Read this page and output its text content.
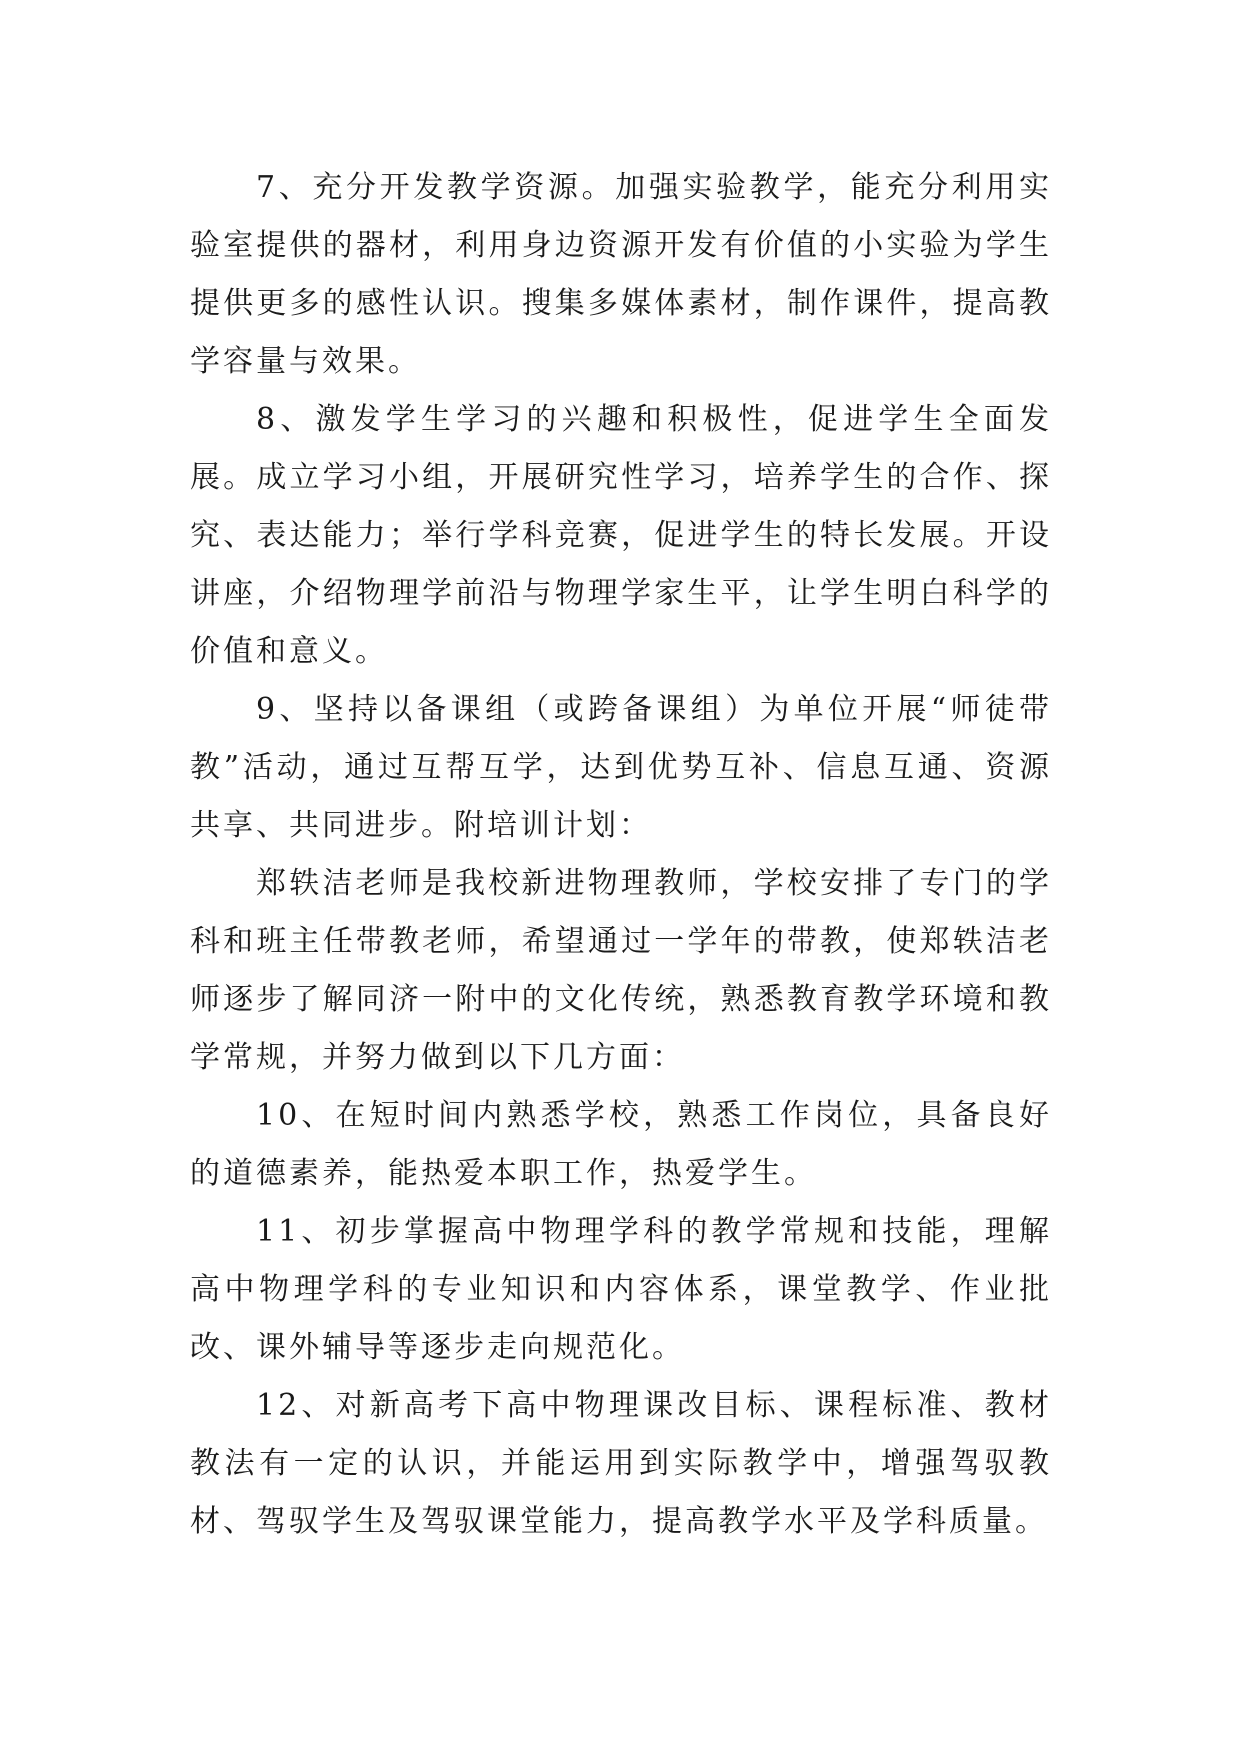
7、充分开发教学资源。加强实验教学，能充分利用实验室提供的器材，利用身边资源开发有价值的小实验为学生提供更多的感性认识。搜集多媒体素材，制作课件，提高教学容量与效果。

8、激发学生学习的兴趣和积极性，促进学生全面发展。成立学习小组，开展研究性学习，培养学生的合作、探究、表达能力；举行学科竞赛，促进学生的特长发展。开设讲座，介绍物理学前沿与物理学家生平，让学生明白科学的价值和意义。

9、坚持以备课组（或跨备课组）为单位开展“师徒带教”活动，通过互帮互学，达到优势互补、信息互通、资源共享、共同进步。附培训计划：

郑轶洁老师是我校新进物理教师，学校安排了专门的学科和班主任带教老师，希望通过一学年的带教，使郑轶洁老师逐步了解同济一附中的文化传统，熟悉教育教学环境和教学常规，并努力做到以下几方面：

10、在短时间内熟悉学校，熟悉工作岗位，具备良好的道德素养，能热爱本职工作，热爱学生。

11、初步掌握高中物理学科的教学常规和技能，理解高中物理学科的专业知识和内容体系，课堂教学、作业批改、课外辅导等逐步走向规范化。

12、对新高考下高中物理课改目标、课程标准、教材教法有一定的认识，并能运用到实际教学中，增强驾驭教材、驾驭学生及驾驭课堂能力，提高教学水平及学科质量。
